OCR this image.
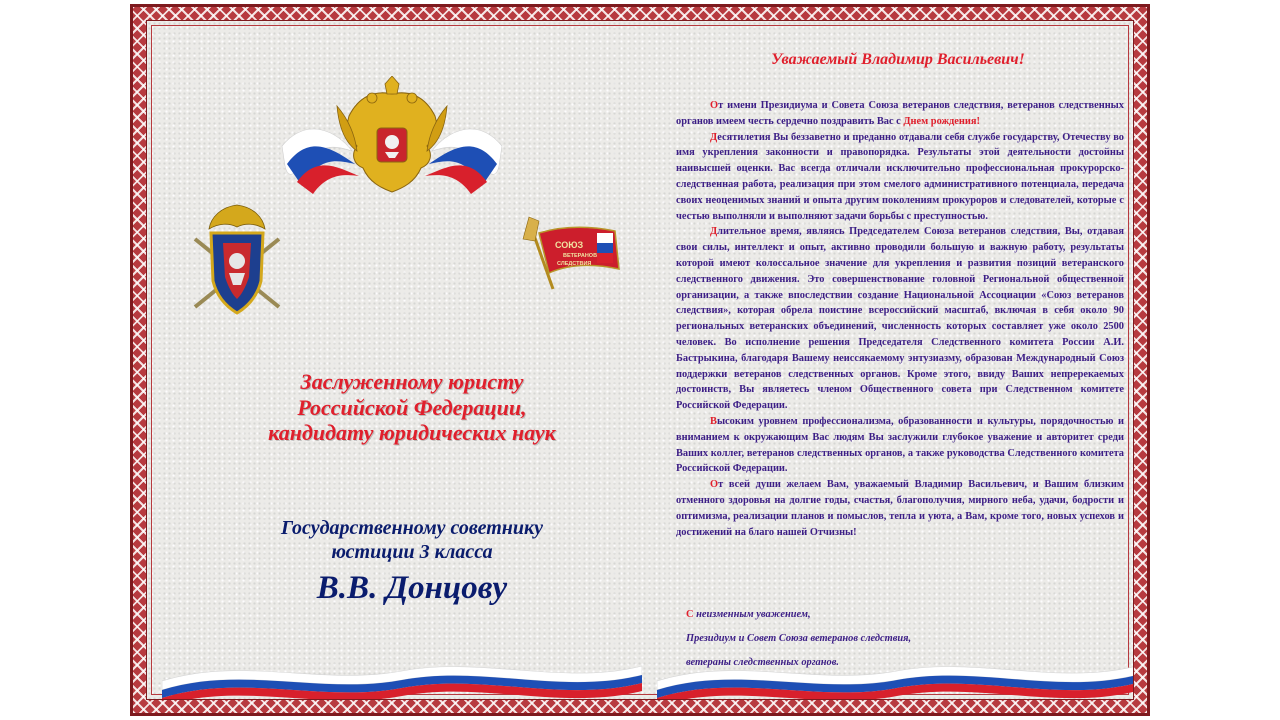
СОЮЗ
ВЕТЕРАНОВ
СЛЕДСТВИЯ
Заслуженному юристу
Российской Федерации,
кандидату юридических наук
Государственному советнику
юстиции 3 класса
В.В. Донцову
Уважаемый Владимир Васильевич!

От имени Президиума и Совета Союза ветеранов следствия, ветеранов следственных органов имеем честь сердечно поздравить Вас с Днем рождения!

Десятилетия Вы беззаветно и преданно отдавали себя службе государству, Отечеству во имя укрепления законности и правопорядка. Результаты этой деятельности достойны наивысшей оценки. Вас всегда отличали исключительно профессиональная прокурорско-следственная работа, реализация при этом смелого административного потенциала, передача своих неоценимых знаний и опыта другим поколениям прокуроров и следователей, которые с честью выполняли и выполняют задачи борьбы с преступностью.

Длительное время, являясь Председателем Союза ветеранов следствия, Вы, отдавая свои силы, интеллект и опыт, активно проводили большую и важную работу, результаты которой имеют колоссальное значение для укрепления и развития позиций ветеранского следственного движения. Это совершенствование головной Региональной общественной организации, а также впоследствии создание Национальной Ассоциации «Союз ветеранов следствия», которая обрела поистине всероссийский масштаб, включая в себя около 90 региональных ветеранских объединений, численность которых составляет уже около 2500 человек. Во исполнение решения Председателя Следственного комитета России А.И. Бастрыкина, благодаря Вашему неиссякаемому энтузиазму, образован Международный Союз поддержки ветеранов следственных органов. Кроме этого, ввиду Ваших непререкаемых достоинств, Вы являетесь членом Общественного совета при Следственном комитете Российской Федерации.

Высоким уровнем профессионализма, образованности и культуры, порядочностью и вниманием к окружающим Вас людям Вы заслужили глубокое уважение и авторитет среди Ваших коллег, ветеранов следственных органов, а также руководства Следственного комитета Российской Федерации.

От всей души желаем Вам, уважаемый Владимир Васильевич, и Вашим близким отменного здоровья на долгие годы, счастья, благополучия, мирного неба, удачи, бодрости и оптимизма, реализации планов и помыслов, тепла и уюта, а Вам, кроме того, новых успехов и достижений на благо нашей Отчизны!

С неизменным уважением,
Президиум и Совет Союза ветеранов следствия,
ветераны следственных органов.
